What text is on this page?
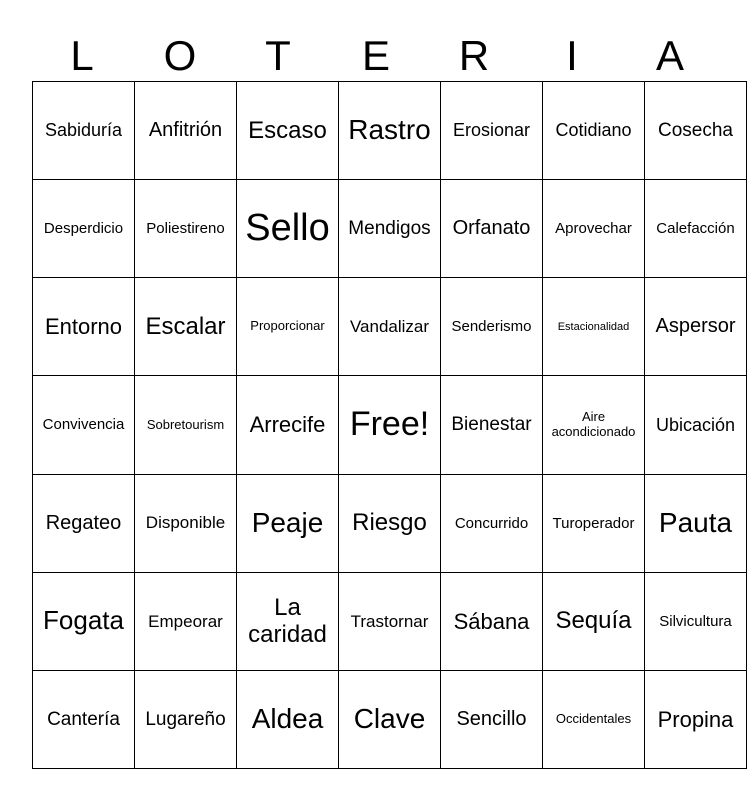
L	O	T	E	R	I	A
Sabiduría	Anfitrión	Escaso	Rastro	Erosionar	Cotidiano	Cosecha
Desperdicio	Poliestireno	Sello	Mendigos	Orfanato	Aprovechar	Calefacción
Entorno	Escalar	Proporcionar	Vandalizar	Senderismo	Estacionalidad	Aspersor
Convivencia	Sobretourism	Arrecife	Free!	Bienestar	Aire acondicionado	Ubicación
Regateo	Disponible	Peaje	Riesgo	Concurrido	Turoperador	Pauta
Fogata	Empeorar	La caridad	Trastornar	Sábana	Sequía	Silvicultura
Cantería	Lugareño	Aldea	Clave	Sencillo	Occidentales	Propina
